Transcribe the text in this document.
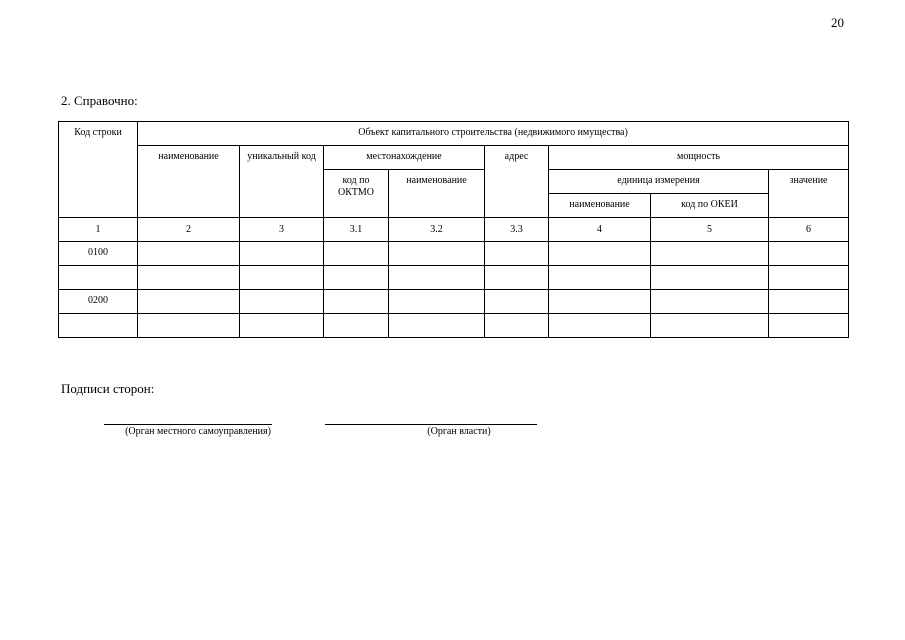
20
2. Справочно:
Код строки	Объект капитального строительства (недвижимого имущества)							

	наименование	уникальный код	местонахождение		адрес	мощность		

			код по ОКТМО	наименование		единица измерения		значение

						наименование	код по ОКЕИ	

1	2	3	3.1	3.2	3.3	4	5	6

0100								

0200								

Подписи сторон:
(Орган местного самоуправления)	(Орган власти)
